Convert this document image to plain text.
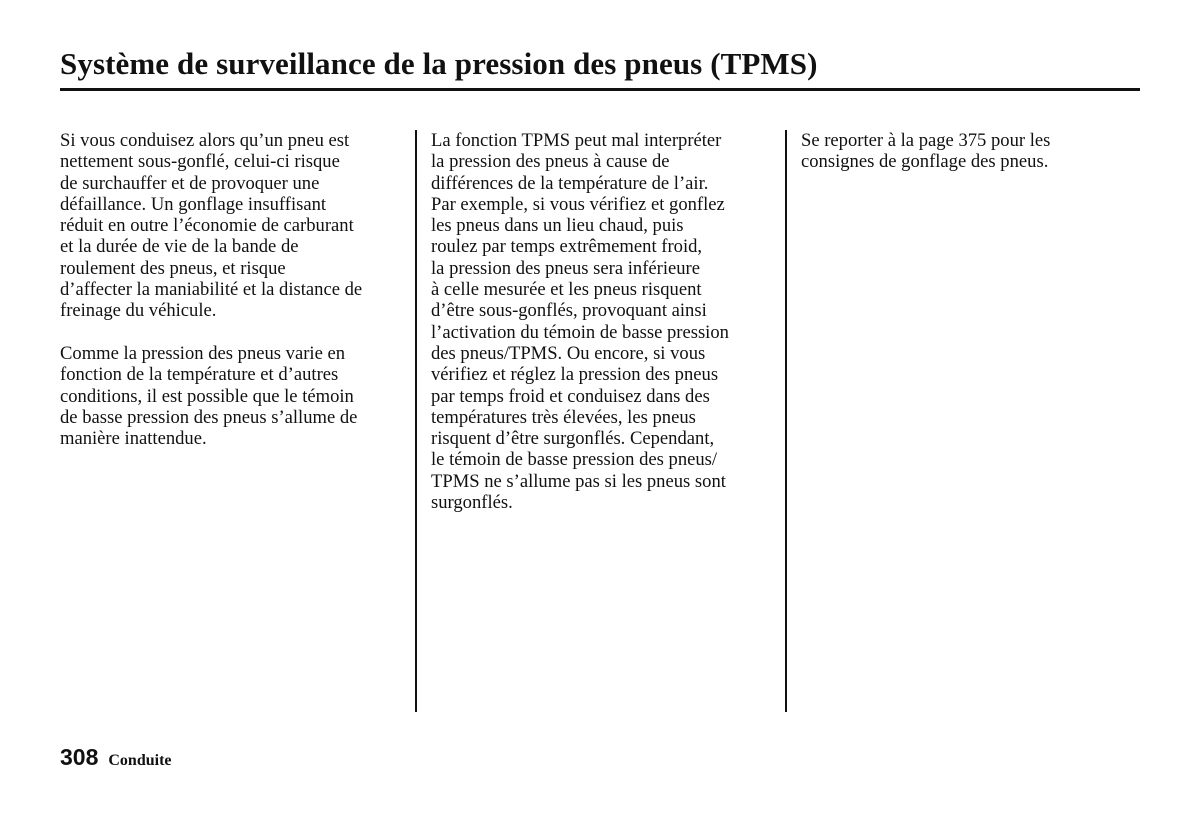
Système de surveillance de la pression des pneus (TPMS)

Si vous conduisez alors qu’un pneu est
nettement sous-gonflé, celui-ci risque
de surchauffer et de provoquer une
défaillance. Un gonflage insuffisant
réduit en outre l’économie de carburant
et la durée de vie de la bande de
roulement des pneus, et risque
d’affecter la maniabilité et la distance de
freinage du véhicule.

Comme la pression des pneus varie en
fonction de la température et d’autres
conditions, il est possible que le témoin
de basse pression des pneus s’allume de
manière inattendue.

La fonction TPMS peut mal interpréter
la pression des pneus à cause de
différences de la température de l’air.
Par exemple, si vous vérifiez et gonflez
les pneus dans un lieu chaud, puis
roulez par temps extrêmement froid,
la pression des pneus sera inférieure
à celle mesurée et les pneus risquent
d’être sous-gonflés, provoquant ainsi
l’activation du témoin de basse pression
des pneus/TPMS. Ou encore, si vous
vérifiez et réglez la pression des pneus
par temps froid et conduisez dans des
températures très élevées, les pneus
risquent d’être surgonflés. Cependant,
le témoin de basse pression des pneus/
TPMS ne s’allume pas si les pneus sont
surgonflés.

Se reporter à la page 375 pour les
consignes de gonflage des pneus.

308 Conduite
